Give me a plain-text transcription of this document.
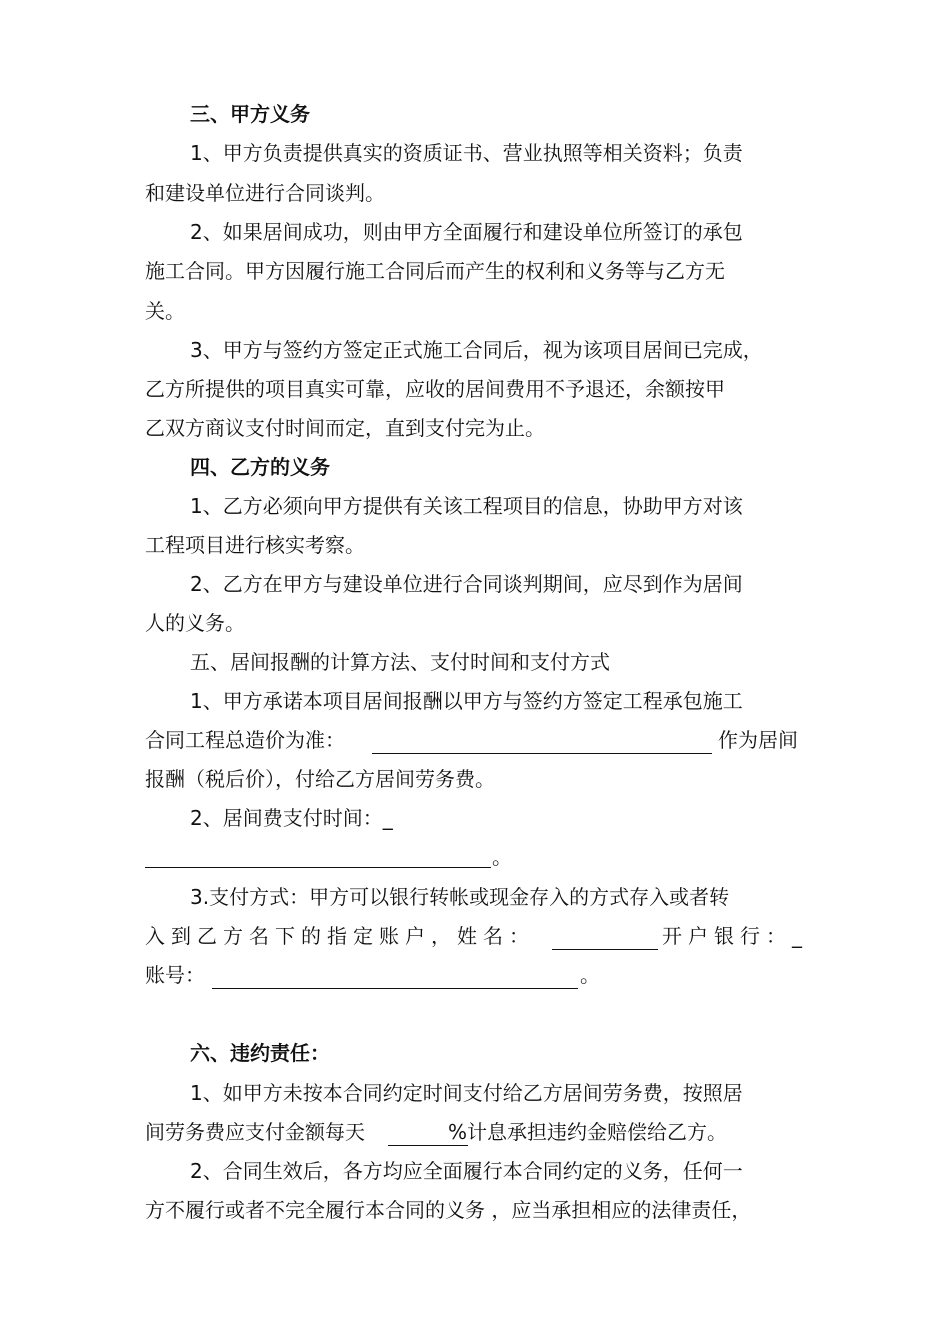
三、甲方义务

1、甲方负责提供真实的资质证书、营业执照等相关资料；负责

和建设单位进行合同谈判。

2、如果居间成功，则由甲方全面履行和建设单位所签订的承包

施工合同。甲方因履行施工合同后而产生的权利和义务等与乙方无

关。

3、甲方与签约方签定正式施工合同后，视为该项目居间已完成，

乙方所提供的项目真实可靠，应收的居间费用不予退还，余额按甲

乙双方商议支付时间而定，直到支付完为止。

四、乙方的义务

1、乙方必须向甲方提供有关该工程项目的信息，协助甲方对该

工程项目进行核实考察。

2、乙方在甲方与建设单位进行合同谈判期间，应尽到作为居间

人的义务。

五、居间报酬的计算方法、支付时间和支付方式

1、甲方承诺本项目居间报酬以甲方与签约方签定工程承包施工

合同工程总造价为准：	作为居间

报酬（税后价），付给乙方居间劳务费。

2、居间费支付时间：_

。

3.支付方式：甲方可以银行转帐或现金存入的方式存入或者转

入到乙方名下的指定账户，姓名：	开户银行：_

账号：	。

六、违约责任：

1、如甲方未按本合同约定时间支付给乙方居间劳务费，按照居

间劳务费应支付金额每天	% 计息承担违约金赔偿给乙方。

2、合同生效后，各方均应全面履行本合同约定的义务，任何一

方不履行或者不完全履行本合同的义务 ，应当承担相应的法律责任，
